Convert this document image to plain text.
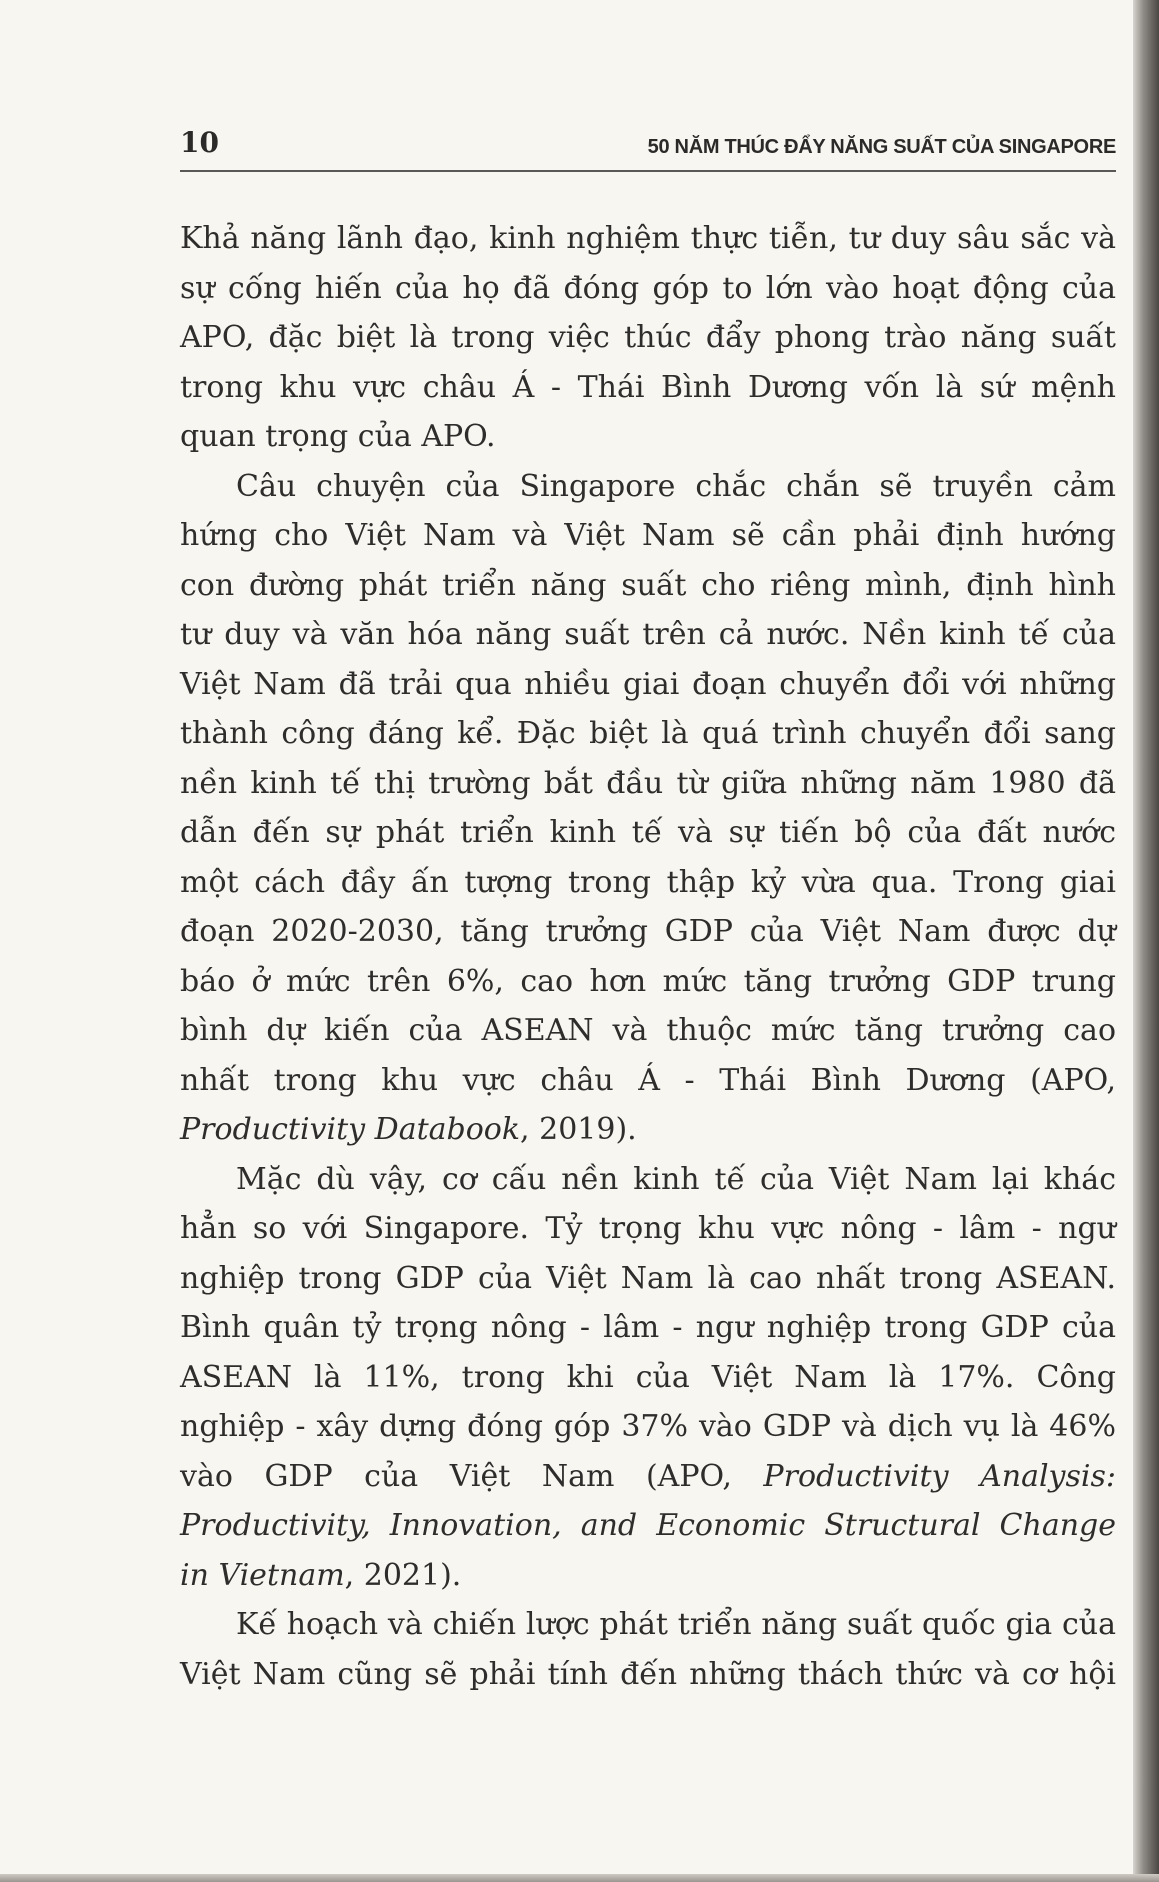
10	50 NĂM THÚC ĐẨY NĂNG SUẤT CỦA SINGAPORE
Khả năng lãnh đạo, kinh nghiệm thực tiễn, tư duy sâu sắc và
sự cống hiến của họ đã đóng góp to lớn vào hoạt động của
APO, đặc biệt là trong việc thúc đẩy phong trào năng suất
trong khu vực châu Á - Thái Bình Dương vốn là sứ mệnh
quan trọng của APO.
Câu chuyện của Singapore chắc chắn sẽ truyền cảm
hứng cho Việt Nam và Việt Nam sẽ cần phải định hướng
con đường phát triển năng suất cho riêng mình, định hình
tư duy và văn hóa năng suất trên cả nước. Nền kinh tế của
Việt Nam đã trải qua nhiều giai đoạn chuyển đổi với những
thành công đáng kể. Đặc biệt là quá trình chuyển đổi sang
nền kinh tế thị trường bắt đầu từ giữa những năm 1980 đã
dẫn đến sự phát triển kinh tế và sự tiến bộ của đất nước
một cách đầy ấn tượng trong thập kỷ vừa qua. Trong giai
đoạn 2020-2030, tăng trưởng GDP của Việt Nam được dự
báo ở mức trên 6%, cao hơn mức tăng trưởng GDP trung
bình dự kiến của ASEAN và thuộc mức tăng trưởng cao
nhất trong khu vực châu Á - Thái Bình Dương (APO,
Productivity Databook, 2019).
Mặc dù vậy, cơ cấu nền kinh tế của Việt Nam lại khác
hẳn so với Singapore. Tỷ trọng khu vực nông - lâm - ngư
nghiệp trong GDP của Việt Nam là cao nhất trong ASEAN.
Bình quân tỷ trọng nông - lâm - ngư nghiệp trong GDP của
ASEAN là 11%, trong khi của Việt Nam là 17%. Công
nghiệp - xây dựng đóng góp 37% vào GDP và dịch vụ là 46%
vào GDP của Việt Nam (APO, Productivity Analysis:
Productivity, Innovation, and Economic Structural Change
in Vietnam, 2021).
Kế hoạch và chiến lược phát triển năng suất quốc gia của
Việt Nam cũng sẽ phải tính đến những thách thức và cơ hội
